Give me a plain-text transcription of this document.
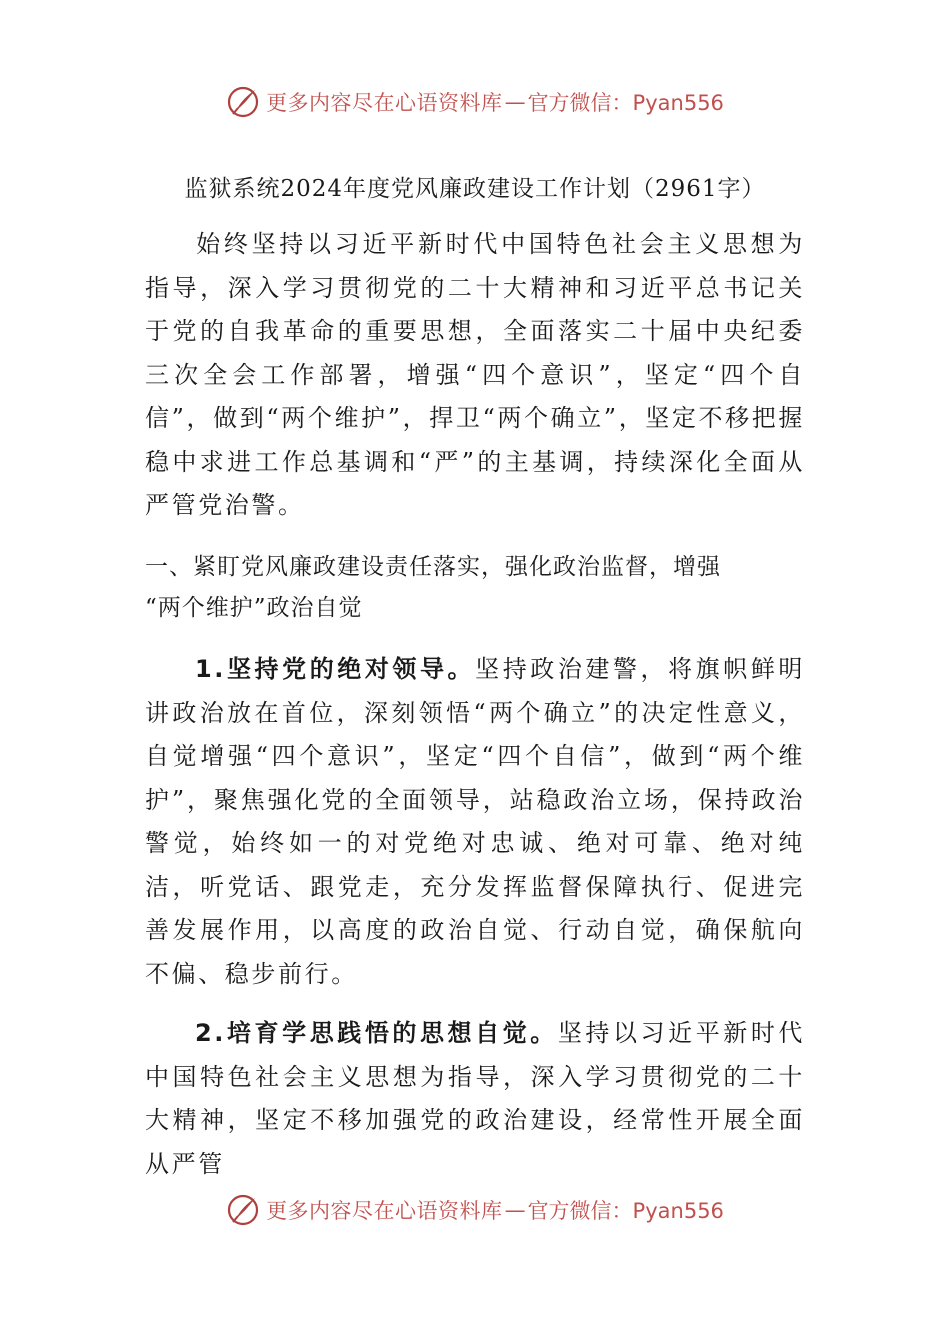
更多内容尽在心语资料库 — 官方微信：Pyan556
监狱系统2024年度党风廉政建设工作计划（2961字）

始终坚持以习近平新时代中国特色社会主义思想为指导，深入学习贯彻党的二十大精神和习近平总书记关于党的自我革命的重要思想，全面落实二十届中央纪委三次全会工作部署，增强“四个意识”，坚定“四个自信”，做到“两个维护”，捍卫“两个确立”，坚定不移把握稳中求进工作总基调和“严”的主基调，持续深化全面从严管党治警。

一、紧盯党风廉政建设责任落实，强化政治监督，增强
“两个维护”政治自觉

1.坚持党的绝对领导。坚持政治建警，将旗帜鲜明讲政治放在首位，深刻领悟“两个确立”的决定性意义，自觉增强“四个意识”，坚定“四个自信”，做到“两个维护”，聚焦强化党的全面领导，站稳政治立场，保持政治警觉，始终如一的对党绝对忠诚、绝对可靠、绝对纯洁，听党话、跟党走，充分发挥监督保障执行、促进完善发展作用，以高度的政治自觉、行动自觉，确保航向不偏、稳步前行。

2.培育学思践悟的思想自觉。坚持以习近平新时代中国特色社会主义思想为指导，深入学习贯彻党的二十大精神，坚定不移加强党的政治建设，经常性开展全面从严管

更多内容尽在心语资料库 — 官方微信：Pyan556
